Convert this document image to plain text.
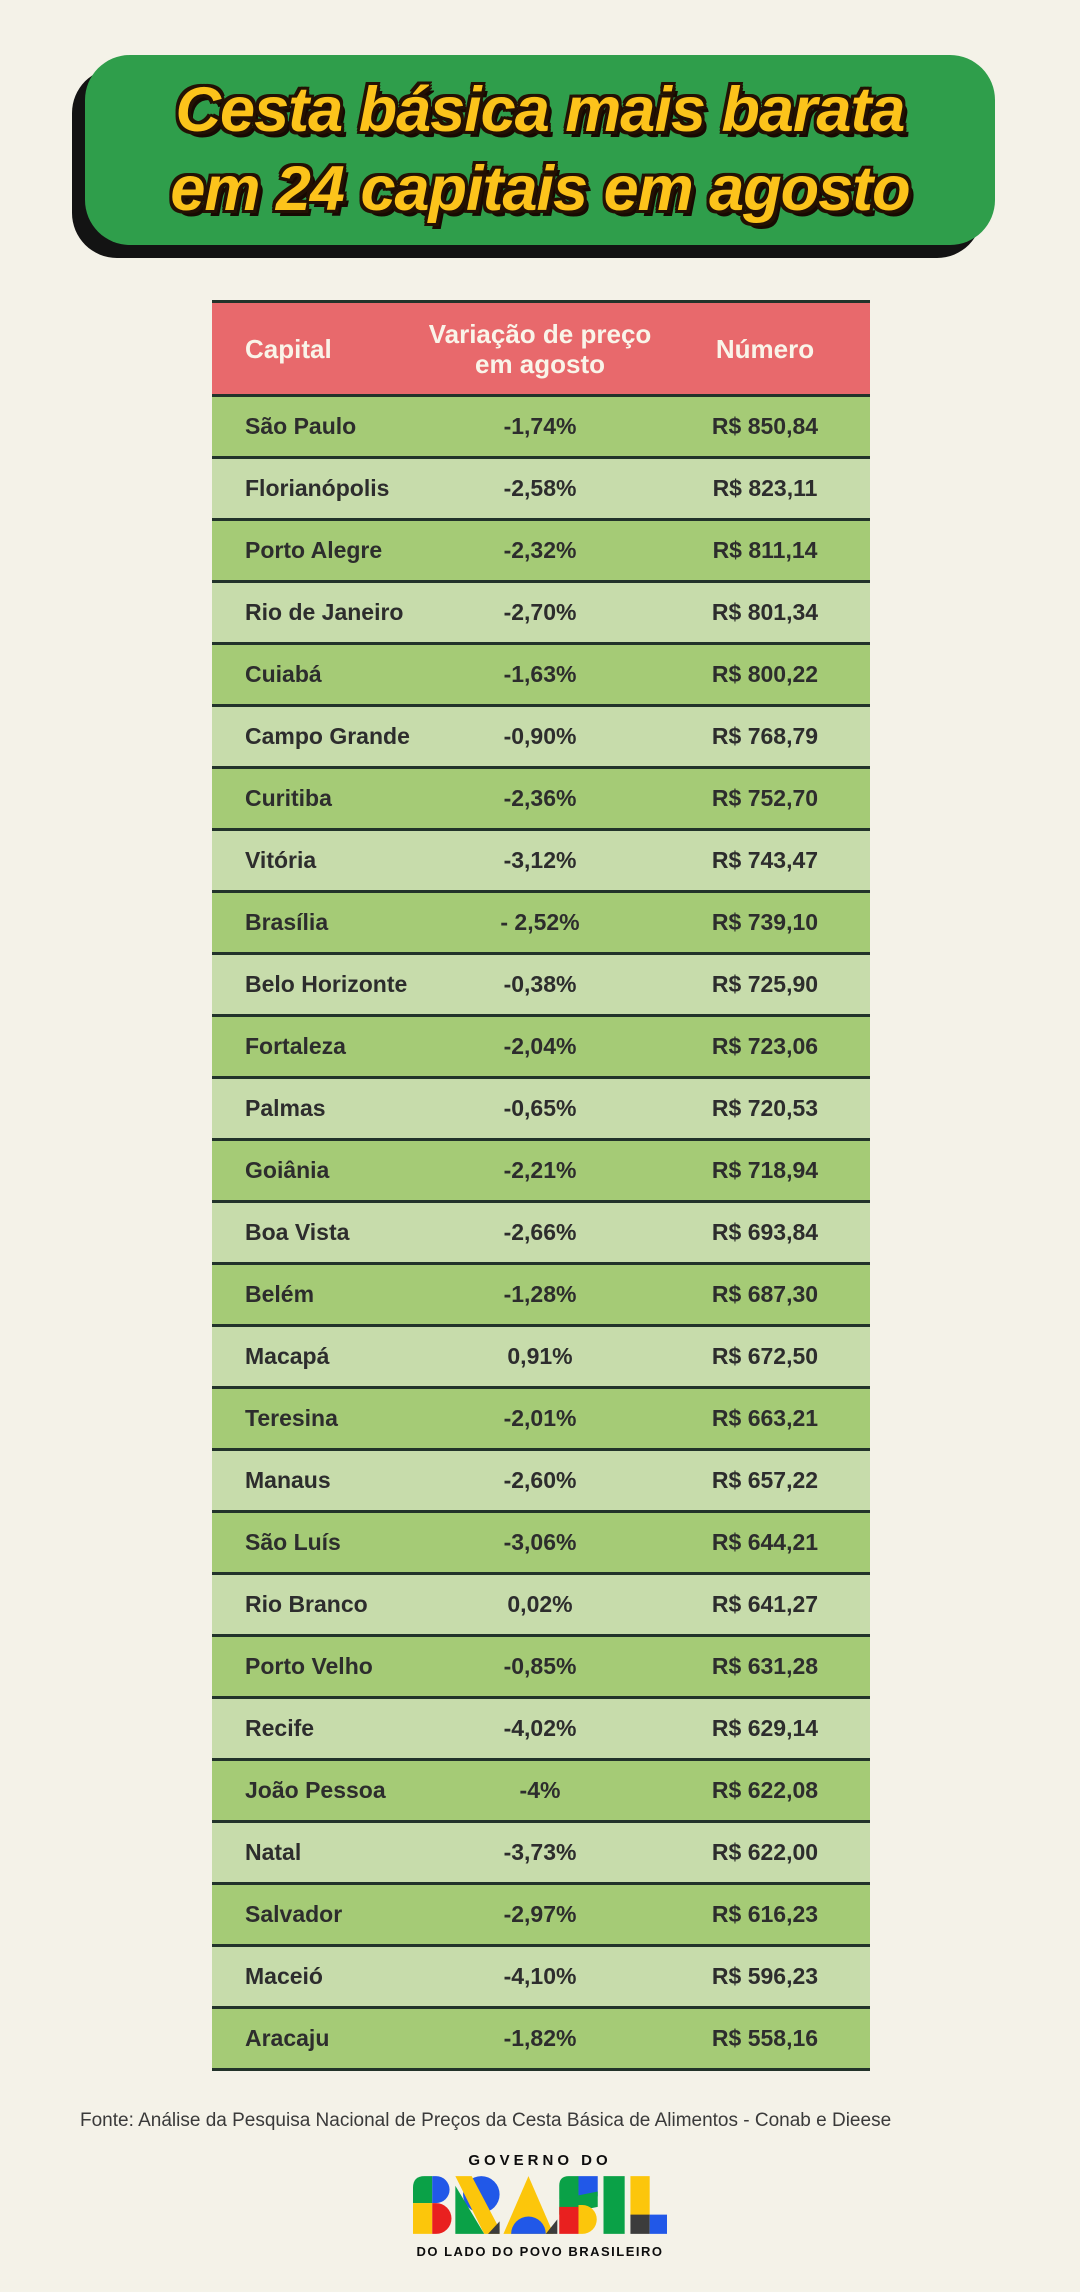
Cesta básica mais barata
em 24 capitais em agosto
Capital	Variação de preço em agosto	Número
São Paulo	-1,74%	R$ 850,84
Florianópolis	-2,58%	R$ 823,11
Porto Alegre	-2,32%	R$ 811,14
Rio de Janeiro	-2,70%	R$ 801,34
Cuiabá	-1,63%	R$ 800,22
Campo Grande	-0,90%	R$ 768,79
Curitiba	-2,36%	R$ 752,70
Vitória	-3,12%	R$ 743,47
Brasília	- 2,52%	R$ 739,10
Belo Horizonte	-0,38%	R$ 725,90
Fortaleza	-2,04%	R$ 723,06
Palmas	-0,65%	R$ 720,53
Goiânia	-2,21%	R$ 718,94
Boa Vista	-2,66%	R$ 693,84
Belém	-1,28%	R$ 687,30
Macapá	0,91%	R$ 672,50
Teresina	-2,01%	R$ 663,21
Manaus	-2,60%	R$ 657,22
São Luís	-3,06%	R$ 644,21
Rio Branco	0,02%	R$ 641,27
Porto Velho	-0,85%	R$ 631,28
Recife	-4,02%	R$ 629,14
João Pessoa	-4%	R$ 622,08
Natal	-3,73%	R$ 622,00
Salvador	-2,97%	R$ 616,23
Maceió	-4,10%	R$ 596,23
Aracaju	-1,82%	R$ 558,16
Fonte: Análise da Pesquisa Nacional de Preços da Cesta Básica de Alimentos - Conab e Dieese
GOVERNO DO
DO LADO DO POVO BRASILEIRO
